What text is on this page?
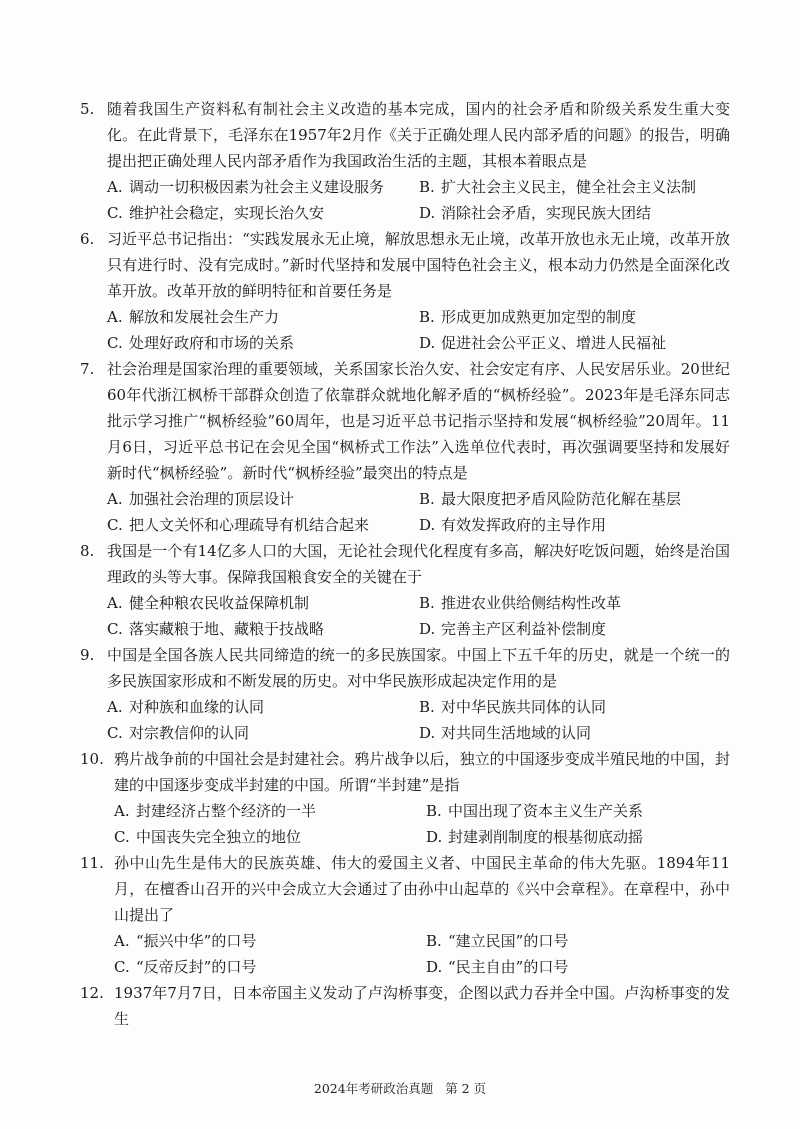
5. 随着我国生产资料私有制社会主义改造的基本完成，国内的社会矛盾和阶级关系发生重大变化。在此背景下，毛泽东在1957年2月作《关于正确处理人民内部矛盾的问题》的报告，明确提出把正确处理人民内部矛盾作为我国政治生活的主题，其根本着眼点是
A. 调动一切积极因素为社会主义建设服务	B. 扩大社会主义民主，健全社会主义法制
C. 维护社会稳定，实现长治久安	D. 消除社会矛盾，实现民族大团结
6. 习近平总书记指出：“实践发展永无止境，解放思想永无止境，改革开放也永无止境，改革开放只有进行时、没有完成时。”新时代坚持和发展中国特色社会主义，根本动力仍然是全面深化改革开放。改革开放的鲜明特征和首要任务是
A. 解放和发展社会生产力	B. 形成更加成熟更加定型的制度
C. 处理好政府和市场的关系	D. 促进社会公平正义、增进人民福祉
7. 社会治理是国家治理的重要领域，关系国家长治久安、社会安定有序、人民安居乐业。20世纪60年代浙江枫桥干部群众创造了依靠群众就地化解矛盾的“枫桥经验”。2023年是毛泽东同志批示学习推广“枫桥经验”60周年，也是习近平总书记指示坚持和发展“枫桥经验”20周年。11月6日，习近平总书记在会见全国“枫桥式工作法”入选单位代表时，再次强调要坚持和发展好新时代“枫桥经验”。新时代“枫桥经验”最突出的特点是
A. 加强社会治理的顶层设计	B. 最大限度把矛盾风险防范化解在基层
C. 把人文关怀和心理疏导有机结合起来	D. 有效发挥政府的主导作用
8. 我国是一个有14亿多人口的大国，无论社会现代化程度有多高，解决好吃饭问题，始终是治国理政的头等大事。保障我国粮食安全的关键在于
A. 健全种粮农民收益保障机制	B. 推进农业供给侧结构性改革
C. 落实藏粮于地、藏粮于技战略	D. 完善主产区利益补偿制度
9. 中国是全国各族人民共同缔造的统一的多民族国家。中国上下五千年的历史，就是一个统一的多民族国家形成和不断发展的历史。对中华民族形成起决定作用的是
A. 对种族和血缘的认同	B. 对中华民族共同体的认同
C. 对宗教信仰的认同	D. 对共同生活地域的认同
10. 鸦片战争前的中国社会是封建社会。鸦片战争以后，独立的中国逐步变成半殖民地的中国，封建的中国逐步变成半封建的中国。所谓“半封建”是指
A. 封建经济占整个经济的一半	B. 中国出现了资本主义生产关系
C. 中国丧失完全独立的地位	D. 封建剥削制度的根基彻底动摇
11. 孙中山先生是伟大的民族英雄、伟大的爱国主义者、中国民主革命的伟大先驱。1894年11月，在檀香山召开的兴中会成立大会通过了由孙中山起草的《兴中会章程》。在章程中，孙中山提出了
A. “振兴中华”的口号	B. “建立民国”的口号
C. “反帝反封”的口号	D. “民主自由”的口号
12. 1937年7月7日，日本帝国主义发动了卢沟桥事变，企图以武力吞并全中国。卢沟桥事变的发生
2024年考研政治真题 第 2 页
